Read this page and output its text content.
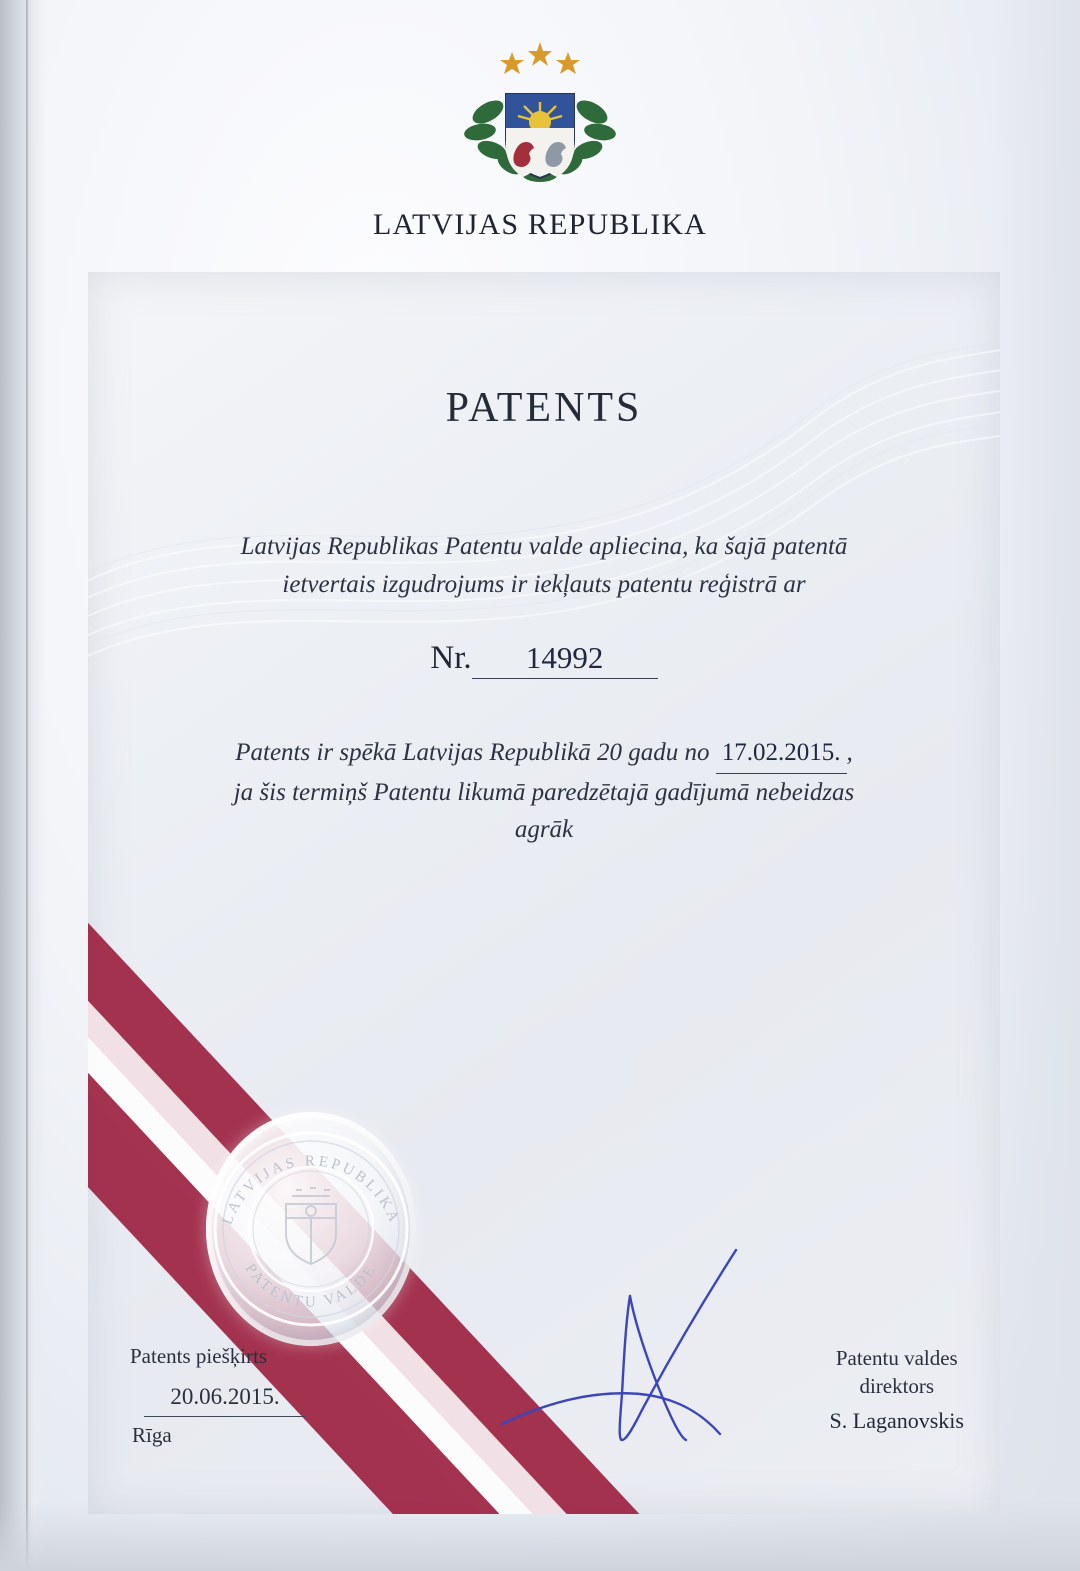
LATVIJAS REPUBLIKA
PATENTS
Latvijas Republikas Patentu valde apliecina, ka šajā patentā
ietvertais izgudrojums ir iekļauts patentu reģistrā ar
Nr. 14992
Patents ir spēkā Latvijas Republikā 20 gadu no 17.02.2015. ,
ja šis termiņš Patentu likumā paredzētajā gadījumā nebeidzas
agrāk
LATVIJAS REPUBLIKA
PATENTU VALDE
Patents piešķirts
20.06.2015.
Rīga
Patentu valdes
direktors
S. Laganovskis
